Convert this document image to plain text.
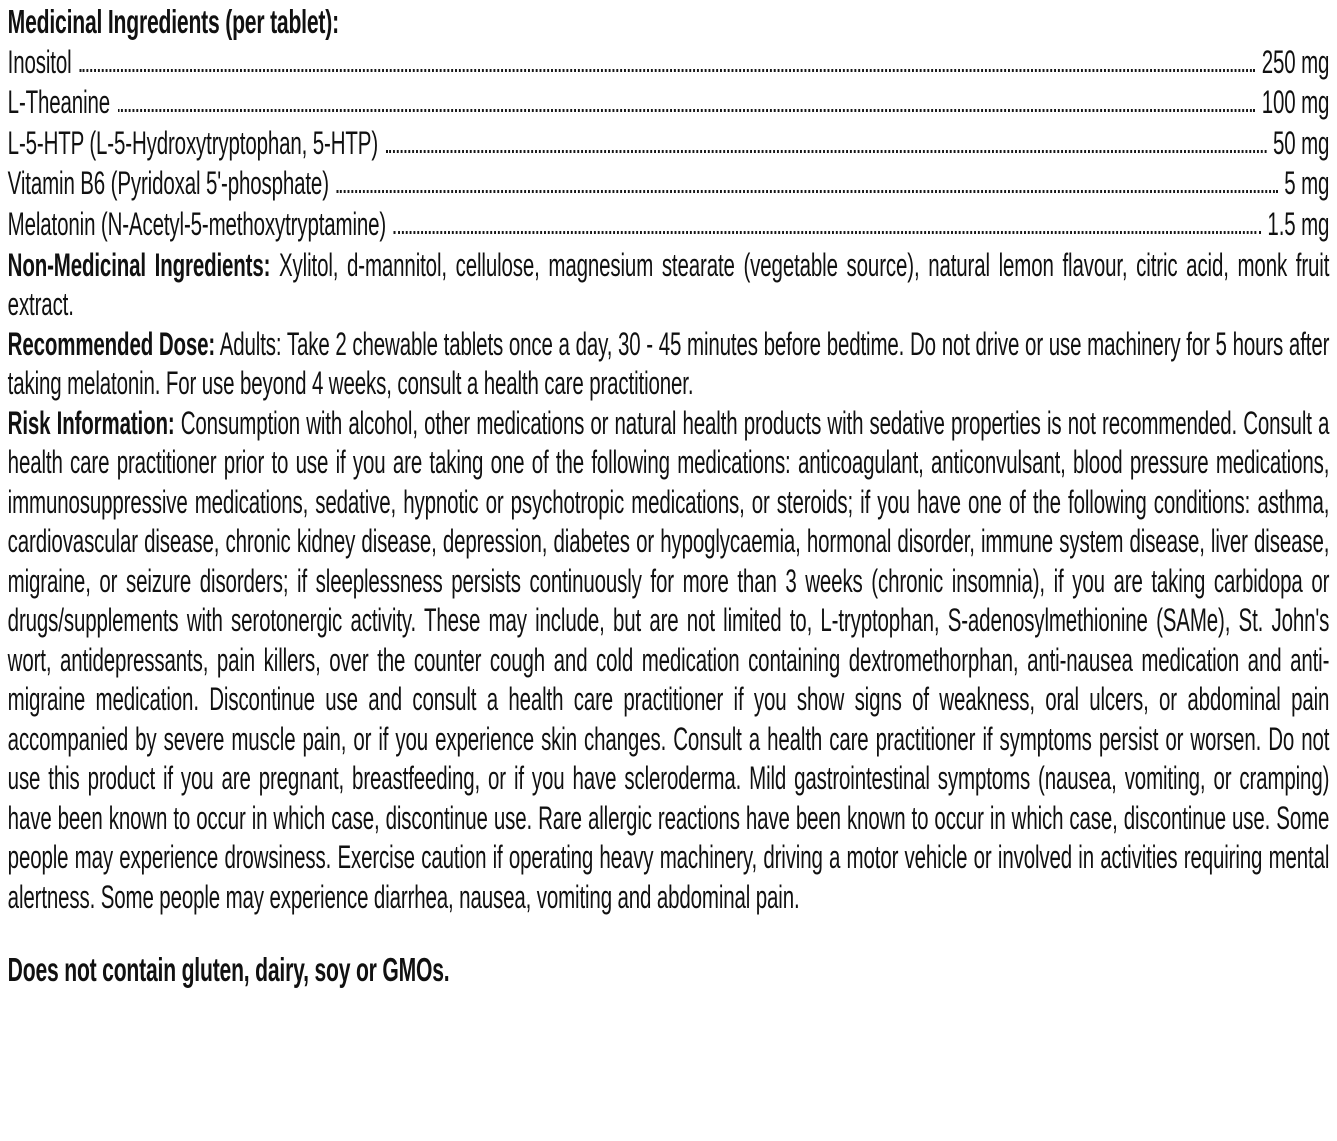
Medicinal Ingredients (per tablet):
Inositol	250 mg
L-Theanine	100 mg
L-5-HTP (L-5-Hydroxytryptophan, 5-HTP)	50 mg
Vitamin B6 (Pyridoxal 5'-phosphate)	5 mg
Melatonin (N-Acetyl-5-methoxytryptamine)	1.5 mg

Non-Medicinal Ingredients: Xylitol, d-mannitol, cellulose, magnesium stearate (vegetable source), natural lemon flavour, citric acid, monk fruit extract.

Recommended Dose: Adults: Take 2 chewable tablets once a day, 30 - 45 minutes before bedtime. Do not drive or use machinery for 5 hours after taking melatonin. For use beyond 4 weeks, consult a health care practitioner.

Risk Information: Consumption with alcohol, other medications or natural health products with sedative properties is not recommended. Consult a health care practitioner prior to use if you are taking one of the following medications: anticoagulant, anticonvulsant, blood pressure medications, immunosuppressive medications, sedative, hypnotic or psychotropic medications, or steroids; if you have one of the following conditions: asthma, cardiovascular disease, chronic kidney disease, depression, diabetes or hypoglycaemia, hormonal disorder, immune system disease, liver disease, migraine, or seizure disorders; if sleeplessness persists continuously for more than 3 weeks (chronic insomnia), if you are taking carbidopa or drugs/supplements with serotonergic activity. These may include, but are not limited to, L-tryptophan, S-adenosylmethionine (SAMe), St. John's wort, antidepressants, pain killers, over the counter cough and cold medication containing dextromethorphan, anti-nausea medication and anti-migraine medication. Discontinue use and consult a health care practitioner if you show signs of weakness, oral ulcers, or abdominal pain accompanied by severe muscle pain, or if you experience skin changes. Consult a health care practitioner if symptoms persist or worsen. Do not use this product if you are pregnant, breastfeeding, or if you have scleroderma. Mild gastrointestinal symptoms (nausea, vomiting, or cramping) have been known to occur in which case, discontinue use. Rare allergic reactions have been known to occur in which case, discontinue use. Some people may experience drowsiness. Exercise caution if operating heavy machinery, driving a motor vehicle or involved in activities requiring mental alertness. Some people may experience diarrhea, nausea, vomiting and abdominal pain.

Does not contain gluten, dairy, soy or GMOs.
